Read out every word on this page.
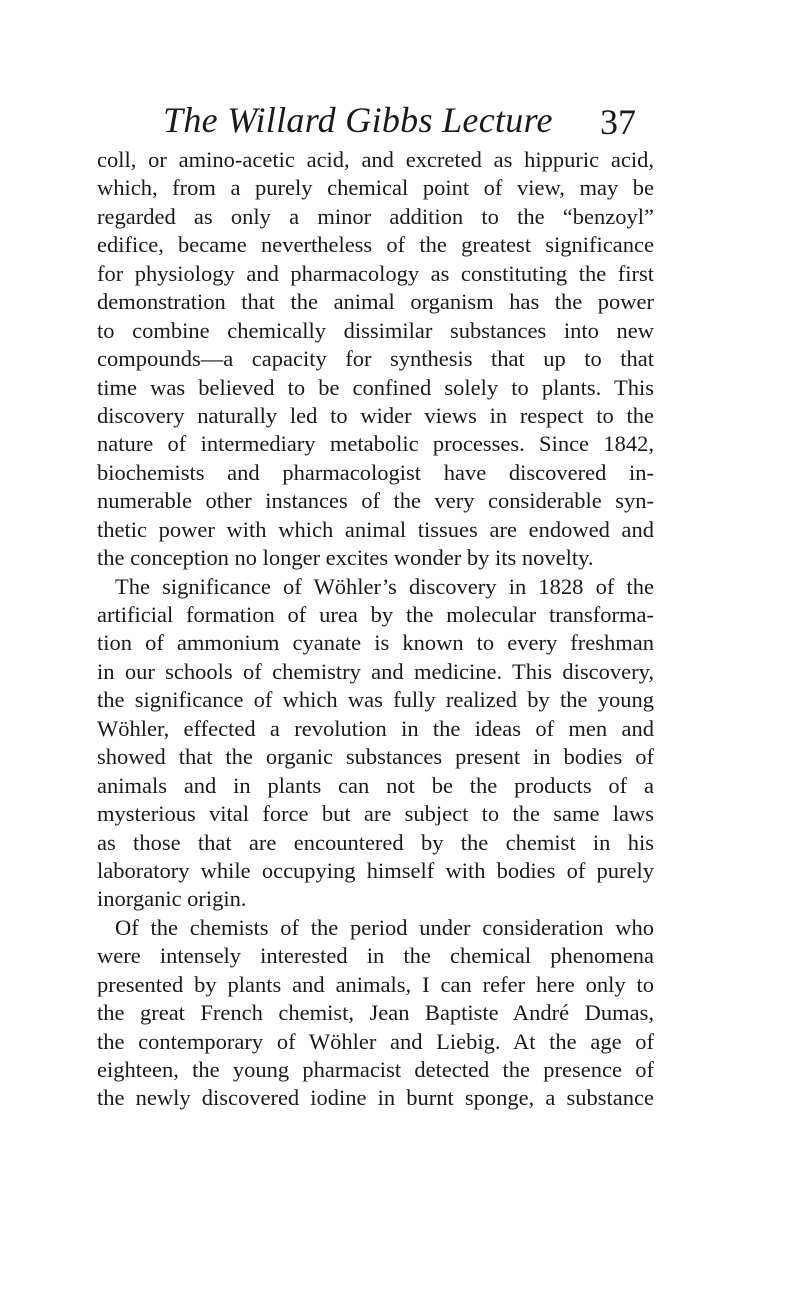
The Willard Gibbs Lecture 37
coll, or amino-acetic acid, and excreted as hippuric acid,
which, from a purely chemical point of view, may be
regarded as only a minor addition to the “benzoyl”
edifice, became nevertheless of the greatest significance
for physiology and pharmacology as constituting the first
demonstration that the animal organism has the power
to combine chemically dissimilar substances into new
compounds—a capacity for synthesis that up to that
time was believed to be confined solely to plants. This
discovery naturally led to wider views in respect to the
nature of intermediary metabolic processes. Since 1842,
biochemists and pharmacologist have discovered in-
numerable other instances of the very considerable syn-
thetic power with which animal tissues are endowed and
the conception no longer excites wonder by its novelty.
The significance of Wöhler’s discovery in 1828 of the
artificial formation of urea by the molecular transforma-
tion of ammonium cyanate is known to every freshman
in our schools of chemistry and medicine. This discovery,
the significance of which was fully realized by the young
Wöhler, effected a revolution in the ideas of men and
showed that the organic substances present in bodies of
animals and in plants can not be the products of a
mysterious vital force but are subject to the same laws
as those that are encountered by the chemist in his
laboratory while occupying himself with bodies of purely
inorganic origin.
Of the chemists of the period under consideration who
were intensely interested in the chemical phenomena
presented by plants and animals, I can refer here only to
the great French chemist, Jean Baptiste André Dumas,
the contemporary of Wöhler and Liebig. At the age of
eighteen, the young pharmacist detected the presence of
the newly discovered iodine in burnt sponge, a substance
